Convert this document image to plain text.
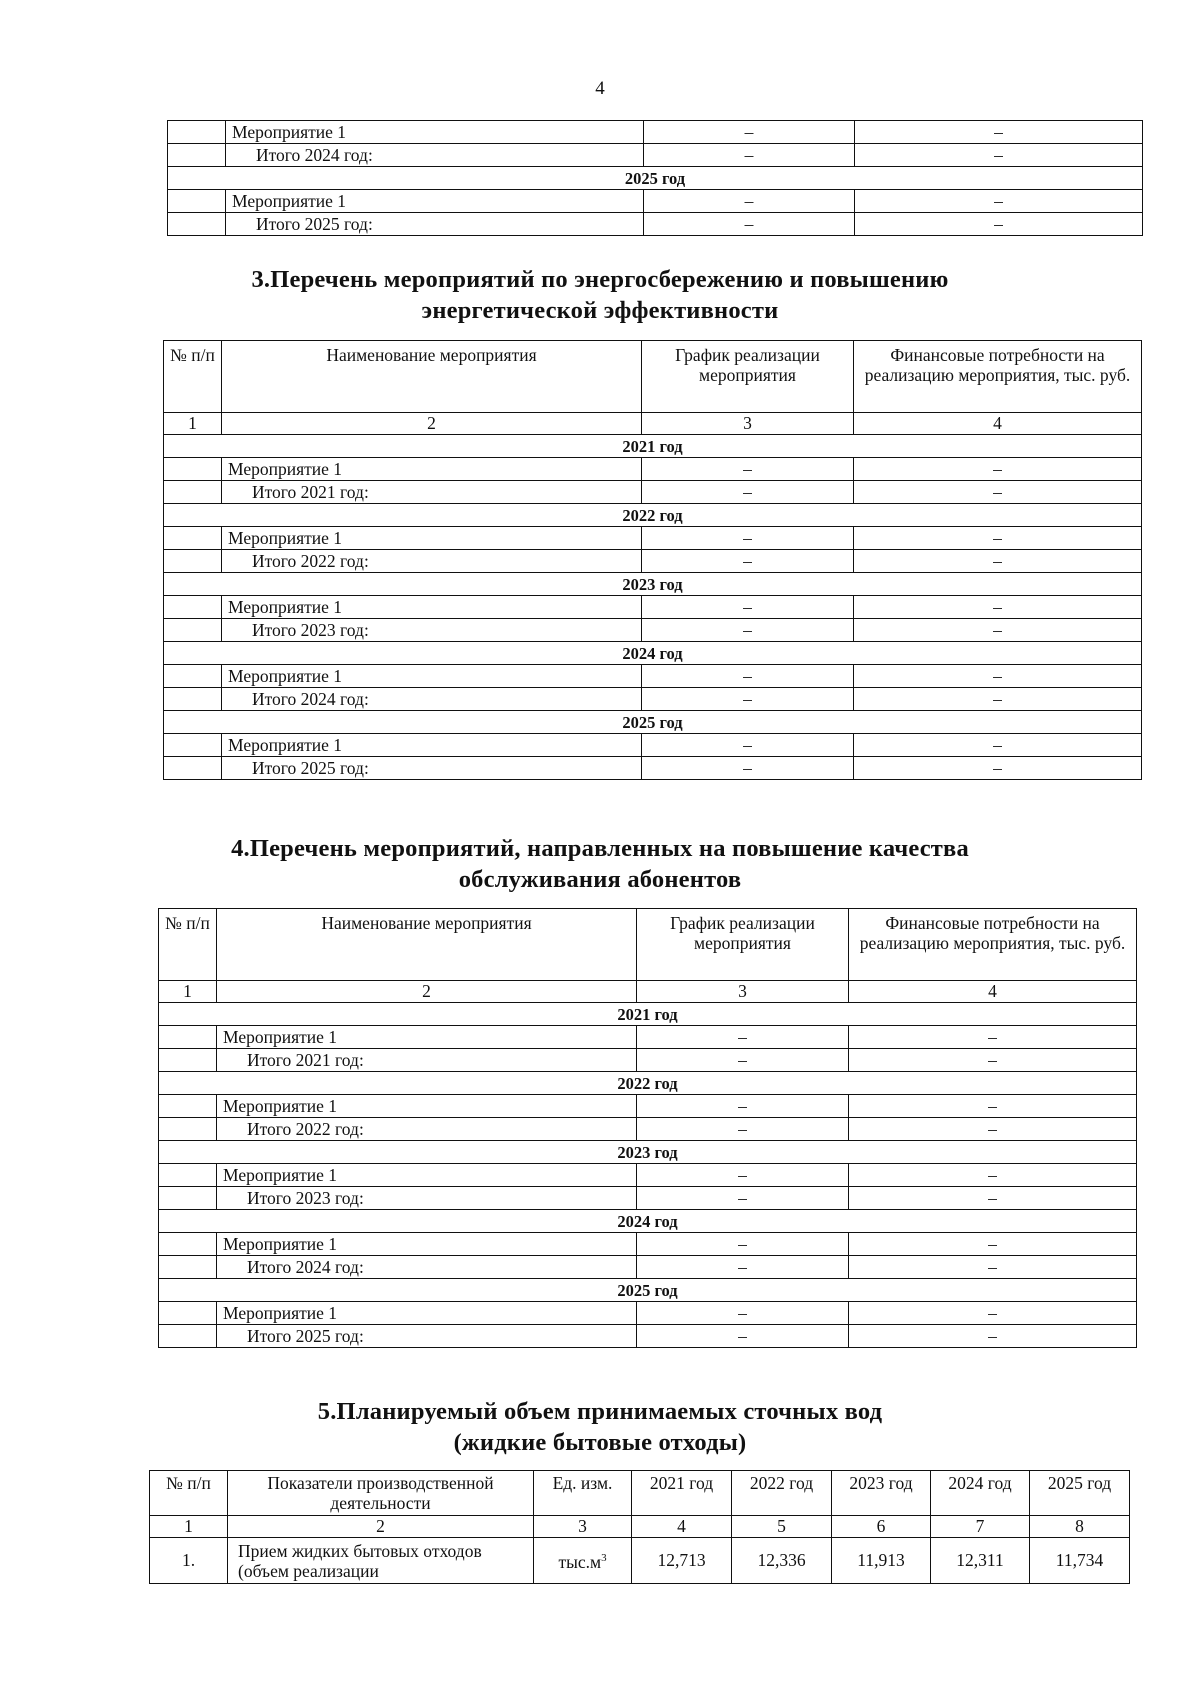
4
	Мероприятие 1	–	–
	Итого 2024 год:	–	–
2025 год			
	Мероприятие 1	–	–
	Итого 2025 год:	–	–
3.Перечень мероприятий по энергосбережению и повышению
энергетической эффективности
№ п/п	Наименование мероприятия	График реализации мероприятия	Финансовые потребности на реализацию мероприятия, тыс. руб.
1	2	3	4
2021 год			
	Мероприятие 1	–	–
	Итого 2021 год:	–	–
2022 год			
	Мероприятие 1	–	–
	Итого 2022 год:	–	–
2023 год			
	Мероприятие 1	–	–
	Итого 2023 год:	–	–
2024 год			
	Мероприятие 1	–	–
	Итого 2024 год:	–	–
2025 год			
	Мероприятие 1	–	–
	Итого 2025 год:	–	–
4.Перечень мероприятий, направленных на повышение качества
обслуживания абонентов
№ п/п	Наименование мероприятия	График реализации мероприятия	Финансовые потребности на реализацию мероприятия, тыс. руб.
1	2	3	4
2021 год			
	Мероприятие 1	–	–
	Итого 2021 год:	–	–
2022 год			
	Мероприятие 1	–	–
	Итого 2022 год:	–	–
2023 год			
	Мероприятие 1	–	–
	Итого 2023 год:	–	–
2024 год			
	Мероприятие 1	–	–
	Итого 2024 год:	–	–
2025 год			
	Мероприятие 1	–	–
	Итого 2025 год:	–	–
5.Планируемый объем принимаемых сточных вод
(жидкие бытовые отходы)
№ п/п	Показатели производственной деятельности	Ед. изм.	2021 год	2022 год	2023 год	2024 год	2025 год
1	2	3	4	5	6	7	8
1.	Прием жидких бытовых отходов (объем реализации	$тыс.м^3$	12,713	12,336	11,913	12,311	11,734
